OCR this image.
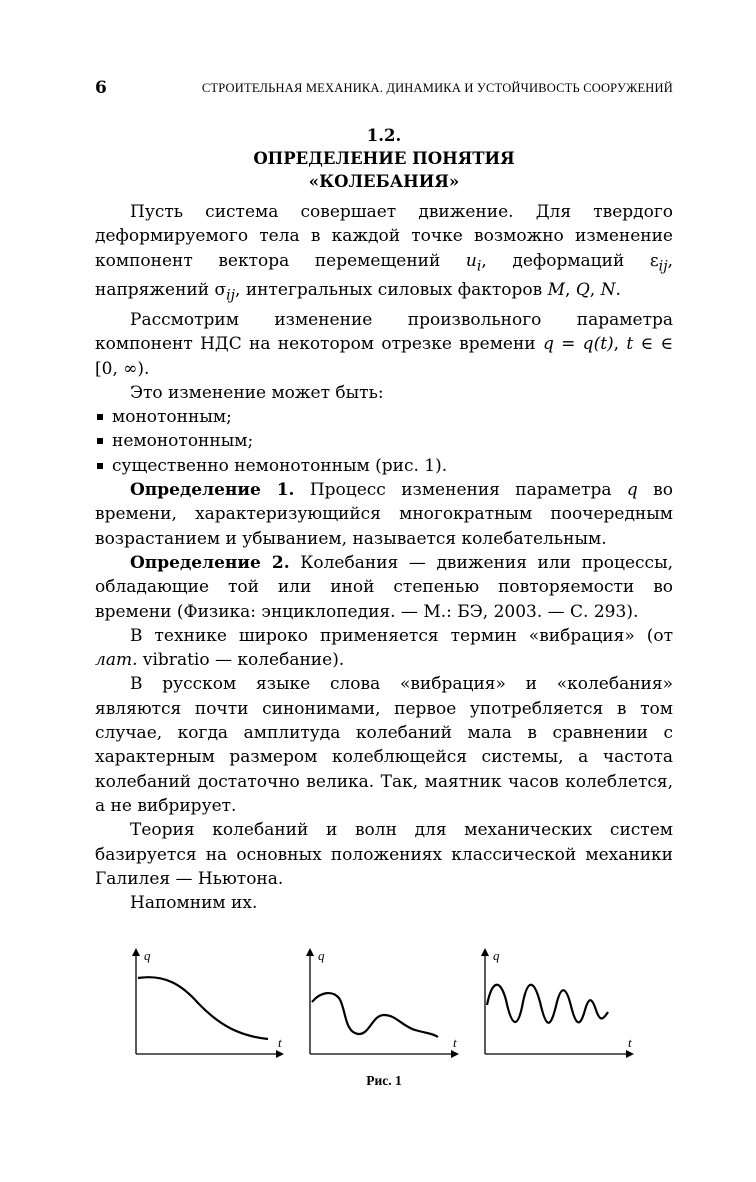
6	СТРОИТЕЛЬНАЯ МЕХАНИКА. ДИНАМИКА И УСТОЙЧИВОСТЬ СООРУЖЕНИЙ
1.2.
ОПРЕДЕЛЕНИЕ ПОНЯТИЯ
«КОЛЕБАНИЯ»

Пусть система совершает движение. Для твердого деформируемого тела в каждой точке возможно изменение компонент вектора перемещений $u_i$, деформаций $\varepsilon_{ij}$, напряжений $\sigma_{ij}$, интегральных силовых факторов M, Q, N.

Рассмотрим изменение произвольного параметра компонент НДС на некотором отрезке времени q = q(t), t ∈ ∈ [0, ∞).

Это изменение может быть:

монотонным;
немонотонным;
существенно немонотонным (рис. 1).

Определение 1. Процесс изменения параметра q во времени, характеризующийся многократным поочередным возрастанием и убыванием, называется колебательным.

Определение 2. Колебания — движения или процессы, обладающие той или иной степенью повторяемости во времени (Физика: энциклопедия. — М.: БЭ, 2003. — С. 293).

В технике широко применяется термин «вибрация» (от лат. vibratio — колебание).

В русском языке слова «вибрация» и «колебания» являются почти синонимами, первое употребляется в том случае, когда амплитуда колебаний мала в сравнении с характерным размером колеблющейся системы, а частота колебаний достаточно велика. Так, маятник часов колеблется, а не вибрирует.

Теория колебаний и волн для механических систем базируется на основных положениях классической механики Галилея — Ньютона.

Напомним их.

q
t
q
t
q
t
Рис. 1
